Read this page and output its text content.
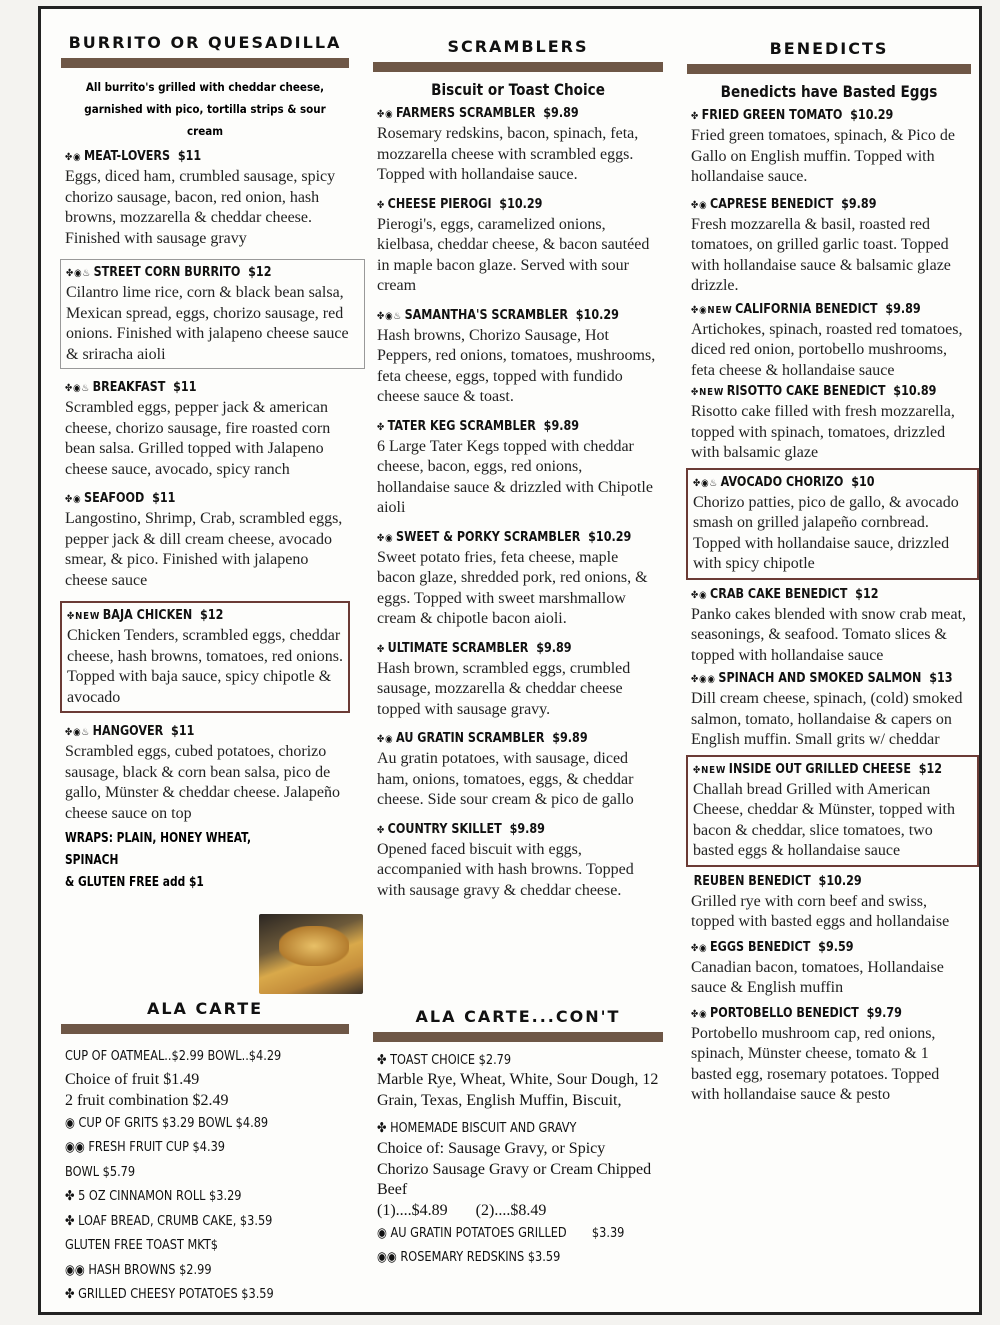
BURRITO OR QUESADILLA
All burrito's grilled with cheddar cheese,
garnished with pico, tortilla strips & sour cream
✤◉ MEAT-LOVERS $11
Eggs, diced ham, crumbled sausage, spicy chorizo sausage, bacon, red onion, hash browns, mozzarella & cheddar cheese. Finished with sausage gravy
✤◉♨ STREET CORN BURRITO $12
Cilantro lime rice, corn & black bean salsa, Mexican spread, eggs, chorizo sausage, red onions. Finished with jalapeno cheese sauce & sriracha aioli
✤◉♨ BREAKFAST $11
Scrambled eggs, pepper jack & american cheese, chorizo sausage, fire roasted corn bean salsa. Grilled topped with Jalapeno cheese sauce, avocado, spicy ranch
✤◉ SEAFOOD $11
Langostino, Shrimp, Crab, scrambled eggs, pepper jack & dill cream cheese, avocado smear, & pico. Finished with jalapeno cheese sauce
✤NEW BAJA CHICKEN $12
Chicken Tenders, scrambled eggs, cheddar cheese, hash browns, tomatoes, red onions. Topped with baja sauce, spicy chipotle & avocado
✤◉♨ HANGOVER $11
Scrambled eggs, cubed potatoes, chorizo sausage, black & corn bean salsa, pico de gallo, Münster & cheddar cheese. Jalapeño cheese sauce on top
WRAPS: PLAIN, HONEY WHEAT,
SPINACH
& GLUTEN FREE add $1
ALA CARTE
CUP OF OATMEAL..$2.99 BOWL..$4.29
Choice of fruit $1.49
2 fruit combination $2.49
◉ CUP OF GRITS $3.29 BOWL $4.89
◉◉ FRESH FRUIT CUP $4.39
BOWL $5.79
✤ 5 OZ CINNAMON ROLL $3.29
✤ LOAF BREAD, CRUMB CAKE, $3.59
GLUTEN FREE TOAST MKT$
◉◉ HASH BROWNS $2.99
✤ GRILLED CHEESY POTATOES $3.59
SCRAMBLERS
Biscuit or Toast Choice
✤◉ FARMERS SCRAMBLER $9.89
Rosemary redskins, bacon, spinach, feta, mozzarella cheese with scrambled eggs. Topped with hollandaise sauce.
✤ CHEESE PIEROGI $10.29
Pierogi's, eggs, caramelized onions, kielbasa, cheddar cheese, & bacon sautéed in maple bacon glaze. Served with sour cream
✤◉♨ SAMANTHA'S SCRAMBLER $10.29
Hash browns, Chorizo Sausage, Hot Peppers, red onions, tomatoes, mushrooms, feta cheese, eggs, topped with fundido cheese sauce & toast.
✤ TATER KEG SCRAMBLER $9.89
6 Large Tater Kegs topped with cheddar cheese, bacon, eggs, red onions, hollandaise sauce & drizzled with Chipotle aioli
✤◉ SWEET & PORKY SCRAMBLER $10.29
Sweet potato fries, feta cheese, maple bacon glaze, shredded pork, red onions, & eggs. Topped with sweet marshmallow cream & chipotle bacon aioli.
✤ ULTIMATE SCRAMBLER $9.89
Hash brown, scrambled eggs, crumbled sausage, mozzarella & cheddar cheese topped with sausage gravy.
✤◉ AU GRATIN SCRAMBLER $9.89
Au gratin potatoes, with sausage, diced ham, onions, tomatoes, eggs, & cheddar cheese. Side sour cream & pico de gallo
✤ COUNTRY SKILLET $9.89
Opened faced biscuit with eggs, accompanied with hash browns. Topped with sausage gravy & cheddar cheese.
ALA CARTE...CON'T
✤ TOAST CHOICE $2.79
Marble Rye, Wheat, White, Sour Dough, 12 Grain, Texas, English Muffin, Biscuit,
✤ HOMEMADE BISCUIT AND GRAVY
Choice of: Sausage Gravy, or Spicy Chorizo Sausage Gravy or Cream Chipped Beef
(1)....$4.89 (2)....$8.49
◉ AU GRATIN POTATOES GRILLED $3.39
◉◉ ROSEMARY REDSKINS $3.59
BENEDICTS
Benedicts have Basted Eggs
✤ FRIED GREEN TOMATO $10.29
Fried green tomatoes, spinach, & Pico de Gallo on English muffin. Topped with hollandaise sauce.
✤◉ CAPRESE BENEDICT $9.89
Fresh mozzarella & basil, roasted red tomatoes, on grilled garlic toast. Topped with hollandaise sauce & balsamic glaze drizzle.
✤◉NEW CALIFORNIA BENEDICT $9.89
Artichokes, spinach, roasted red tomatoes, diced red onion, portobello mushrooms, feta cheese & hollandaise sauce
✤NEW RISOTTO CAKE BENEDICT $10.89
Risotto cake filled with fresh mozzarella, topped with spinach, tomatoes, drizzled with balsamic glaze
✤◉♨ AVOCADO CHORIZO $10
Chorizo patties, pico de gallo, & avocado smash on grilled jalapeño cornbread. Topped with hollandaise sauce, drizzled with spicy chipotle
✤◉ CRAB CAKE BENEDICT $12
Panko cakes blended with snow crab meat, seasonings, & seafood. Tomato slices & topped with hollandaise sauce
✤◉◉ SPINACH AND SMOKED SALMON $13
Dill cream cheese, spinach, (cold) smoked salmon, tomato, hollandaise & capers on English muffin. Small grits w/ cheddar
✤NEW INSIDE OUT GRILLED CHEESE $12
Challah bread Grilled with American Cheese, cheddar & Münster, topped with bacon & cheddar, slice tomatoes, two basted eggs & hollandaise sauce
REUBEN BENEDICT $10.29
Grilled rye with corn beef and swiss, topped with basted eggs and hollandaise
✤◉ EGGS BENEDICT $9.59
Canadian bacon, tomatoes, Hollandaise sauce & English muffin
✤◉ PORTOBELLO BENEDICT $9.79
Portobello mushroom cap, red onions, spinach, Münster cheese, tomato & 1 basted egg, rosemary potatoes. Topped with hollandaise sauce & pesto
